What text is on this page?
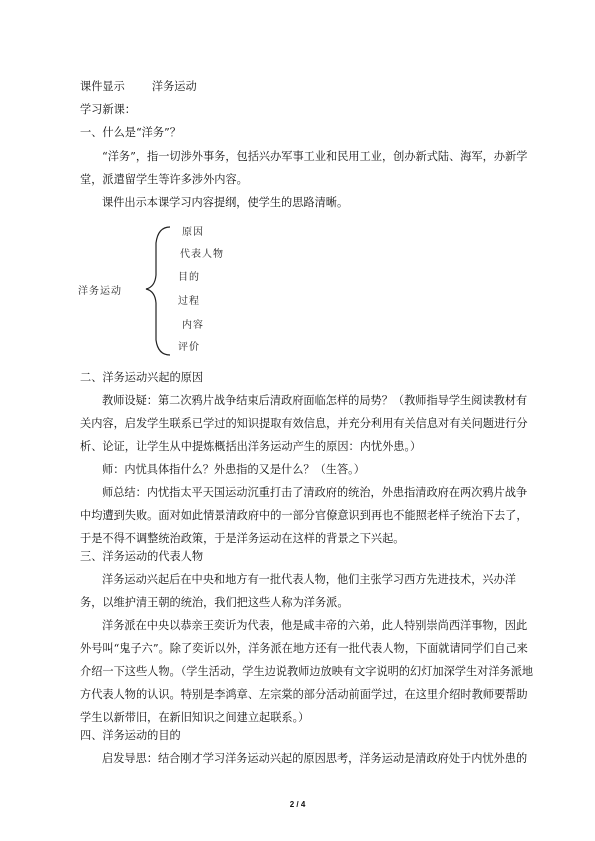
课件显示 洋务运动
学习新课：
一、什么是“洋务”？
“洋务”，指一切涉外事务，包括兴办军事工业和民用工业，创办新式陆、海军，办新学堂，派遣留学生等许多涉外内容。
课件出示本课学习内容提纲，使学生的思路清晰。
洋务运动
原因
代表人物
目的
过程
内容
评价
二、洋务运动兴起的原因
教师设疑：第二次鸦片战争结束后清政府面临怎样的局势？（教师指导学生阅读教材有关内容，启发学生联系已学过的知识提取有效信息，并充分利用有关信息对有关问题进行分析、论证，让学生从中提炼概括出洋务运动产生的原因：内忧外患。）
师：内忧具体指什么？外患指的又是什么？（生答。）
师总结：内忧指太平天国运动沉重打击了清政府的统治，外患指清政府在两次鸦片战争中均遭到失败。面对如此情景清政府中的一部分官僚意识到再也不能照老样子统治下去了，于是不得不调整统治政策，于是洋务运动在这样的背景之下兴起。
三、洋务运动的代表人物
洋务运动兴起后在中央和地方有一批代表人物，他们主张学习西方先进技术，兴办洋务，以维护清王朝的统治，我们把这些人称为洋务派。
洋务派在中央以恭亲王奕䜣为代表，他是咸丰帝的六弟，此人特别崇尚西洋事物，因此外号叫“鬼子六”。除了奕䜣以外，洋务派在地方还有一批代表人物，下面就请同学们自己来介绍一下这些人物。（学生活动，学生边说教师边放映有文字说明的幻灯加深学生对洋务派地方代表人物的认识。特别是李鸿章、左宗棠的部分活动前面学过，在这里介绍时教师要帮助学生以新带旧，在新旧知识之间建立起联系。）
四、洋务运动的目的
启发导思：结合刚才学习洋务运动兴起的原因思考，洋务运动是清政府处于内忧外患的
2 / 4
